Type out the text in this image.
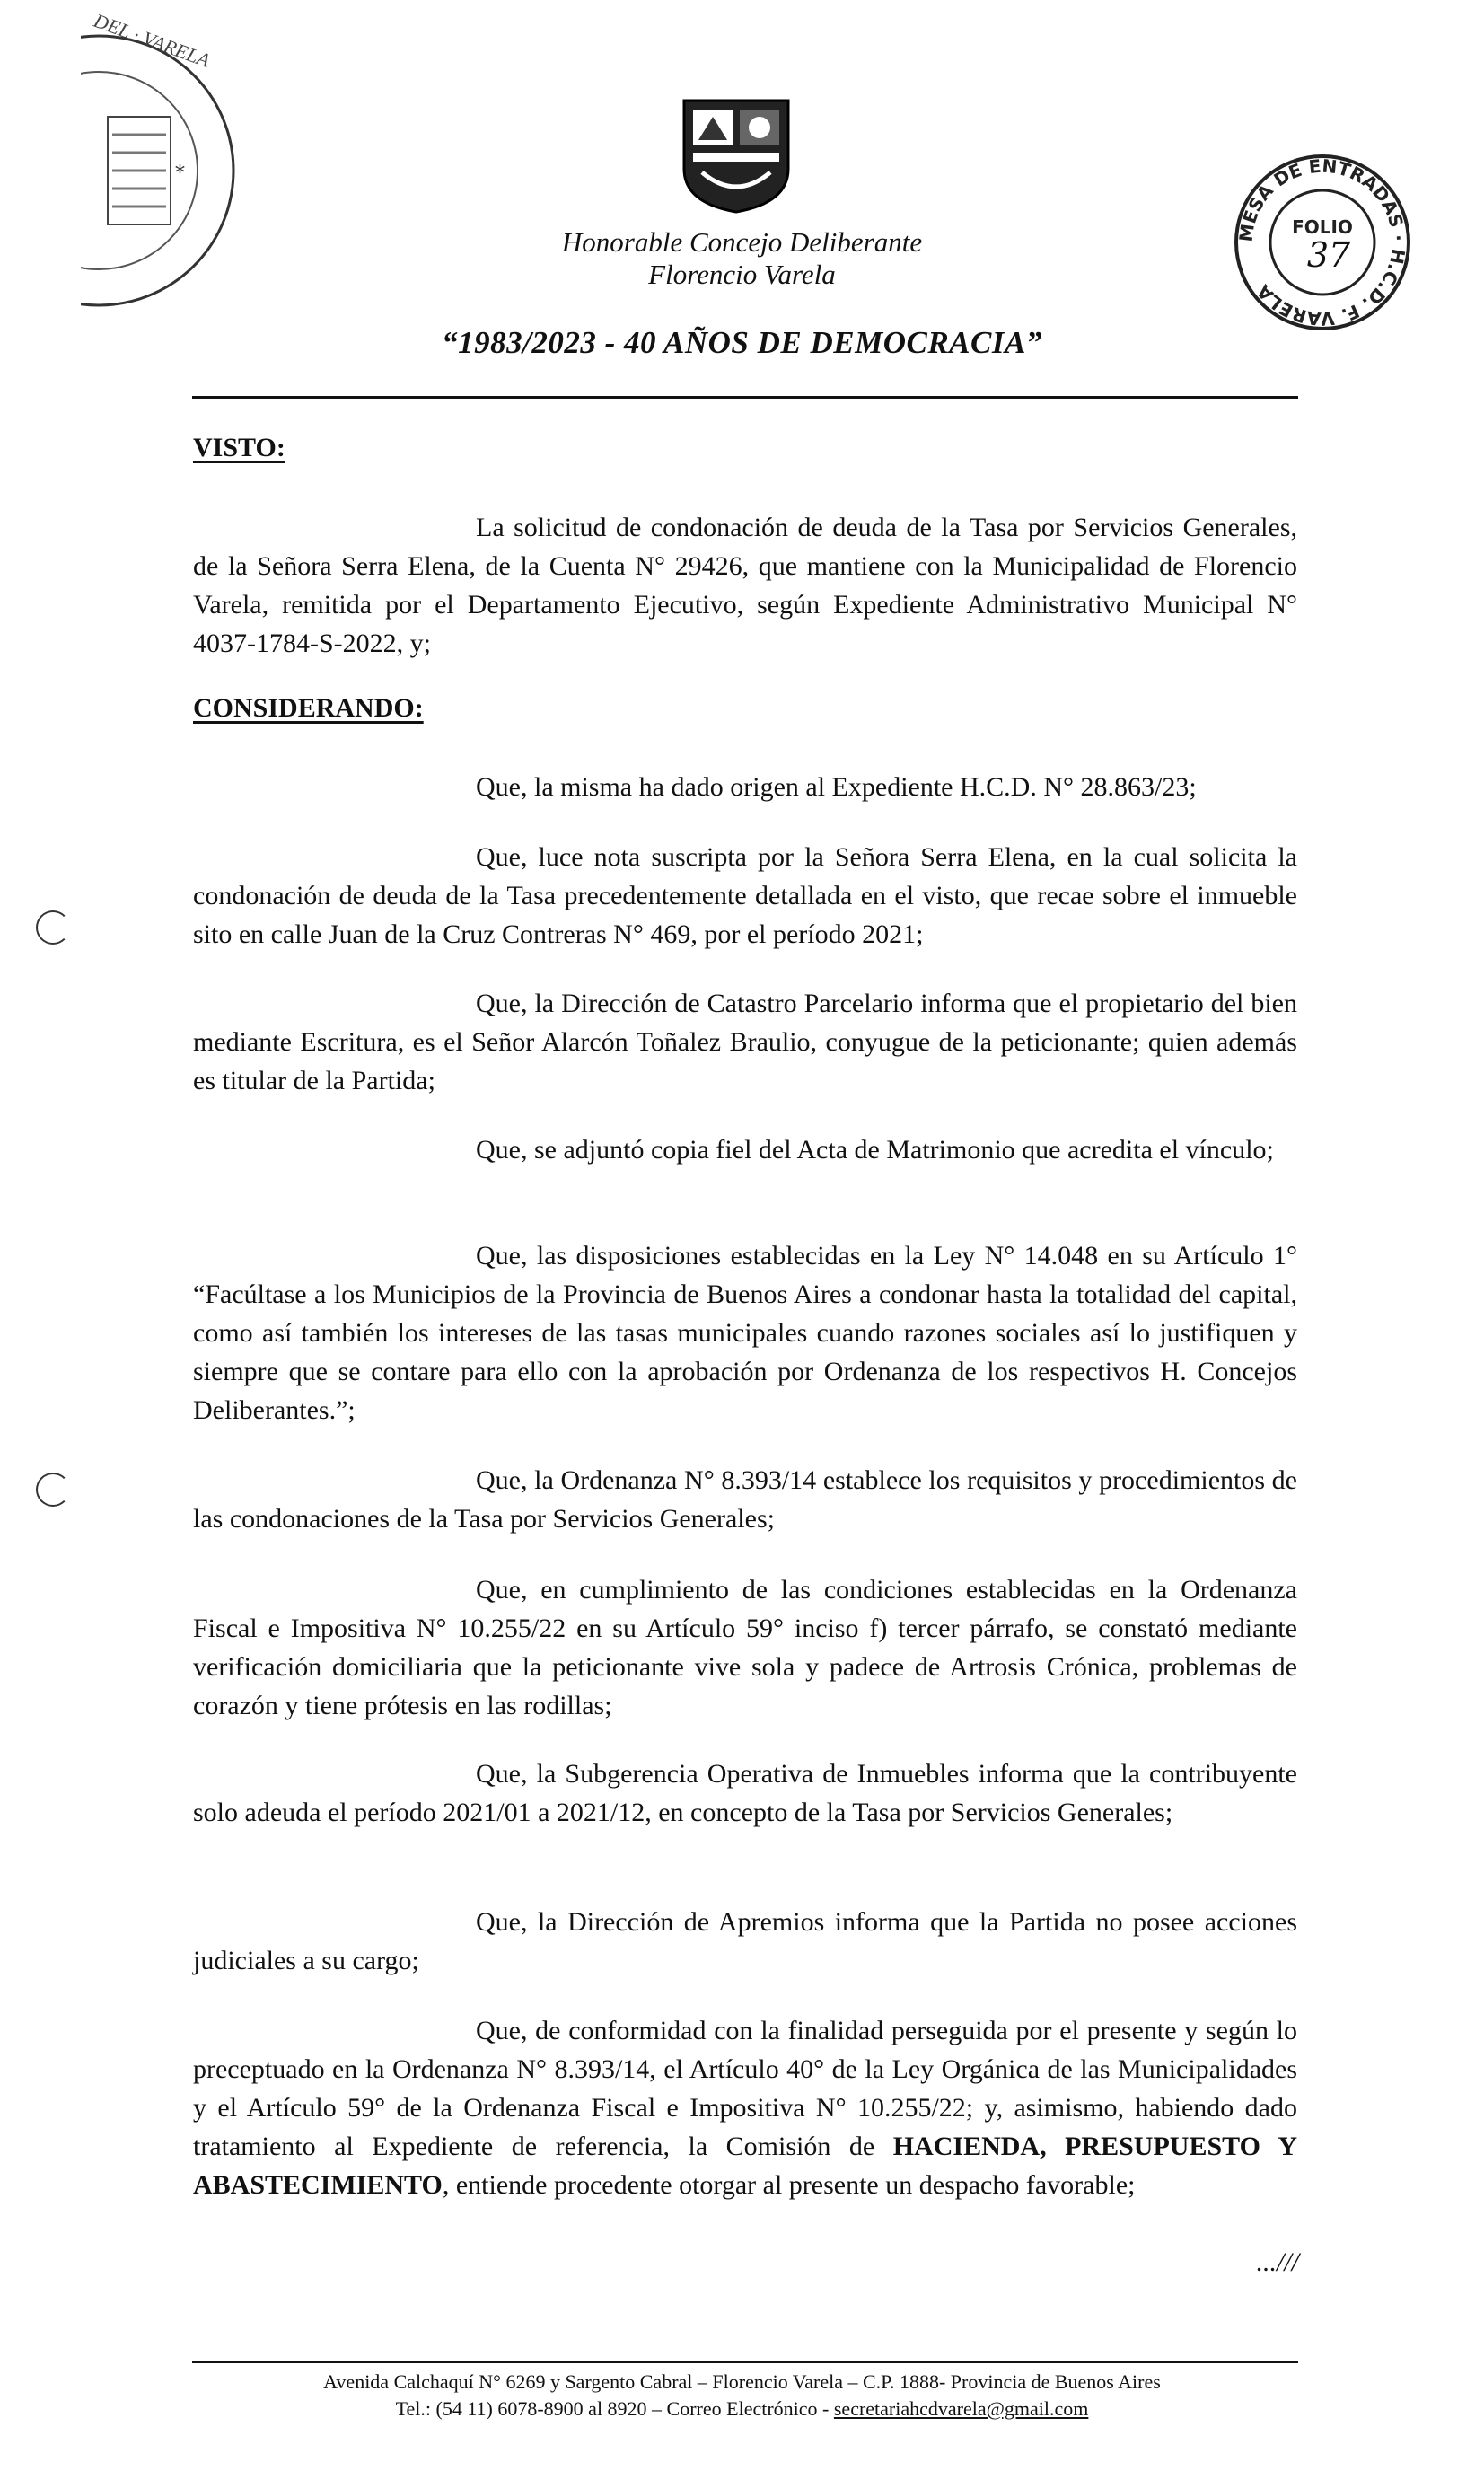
*
DEL · VARELA
Honorable Concejo Deliberante
Florencio Varela
MESA DE ENTRADAS · H.C.D. F. VARELA
FOLIO
37
“1983/2023 - 40 AÑOS DE DEMOCRACIA”
VISTO:
La solicitud de condonación de deuda de la Tasa por Servicios Generales, de la Señora Serra Elena, de la Cuenta N° 29426, que mantiene con la Municipalidad de Florencio Varela, remitida por el Departamento Ejecutivo, según Expediente Administrativo Municipal N° 4037-1784-S-2022, y;
CONSIDERANDO:
Que, la misma ha dado origen al Expediente H.C.D. N° 28.863/23;
Que, luce nota suscripta por la Señora Serra Elena, en la cual solicita la condonación de deuda de la Tasa precedentemente detallada en el visto, que recae sobre el inmueble sito en calle Juan de la Cruz Contreras N° 469, por el período 2021;
Que, la Dirección de Catastro Parcelario informa que el propietario del bien mediante Escritura, es el Señor Alarcón Toñalez Braulio, conyugue de la peticionante; quien además es titular de la Partida;
Que, se adjuntó copia fiel del Acta de Matrimonio que acredita el vínculo;
Que, las disposiciones establecidas en la Ley N° 14.048 en su Artículo 1° “Facúltase a los Municipios de la Provincia de Buenos Aires a condonar hasta la totalidad del capital, como así también los intereses de las tasas municipales cuando razones sociales así lo justifiquen y siempre que se contare para ello con la aprobación por Ordenanza de los respectivos H. Concejos Deliberantes.”;
Que, la Ordenanza N° 8.393/14 establece los requisitos y procedimientos de las condonaciones de la Tasa por Servicios Generales;
Que, en cumplimiento de las condiciones establecidas en la Ordenanza Fiscal e Impositiva N° 10.255/22 en su Artículo 59° inciso f) tercer párrafo, se constató mediante verificación domiciliaria que la peticionante vive sola y padece de Artrosis Crónica, problemas de corazón y tiene prótesis en las rodillas;
Que, la Subgerencia Operativa de Inmuebles informa que la contribuyente solo adeuda el período 2021/01 a 2021/12, en concepto de la Tasa por Servicios Generales;
Que, la Dirección de Apremios informa que la Partida no posee acciones judiciales a su cargo;
Que, de conformidad con la finalidad perseguida por el presente y según lo preceptuado en la Ordenanza N° 8.393/14, el Artículo 40° de la Ley Orgánica de las Municipalidades y el Artículo 59° de la Ordenanza Fiscal e Impositiva N° 10.255/22; y, asimismo, habiendo dado tratamiento al Expediente de referencia, la Comisión de HACIENDA, PRESUPUESTO Y ABASTECIMIENTO, entiende procedente otorgar al presente un despacho favorable;
...///
Avenida Calchaquí N° 6269 y Sargento Cabral – Florencio Varela – C.P. 1888- Provincia de Buenos Aires
Tel.: (54 11) 6078-8900 al 8920 – Correo Electrónico - secretariahcdvarela@gmail.com
